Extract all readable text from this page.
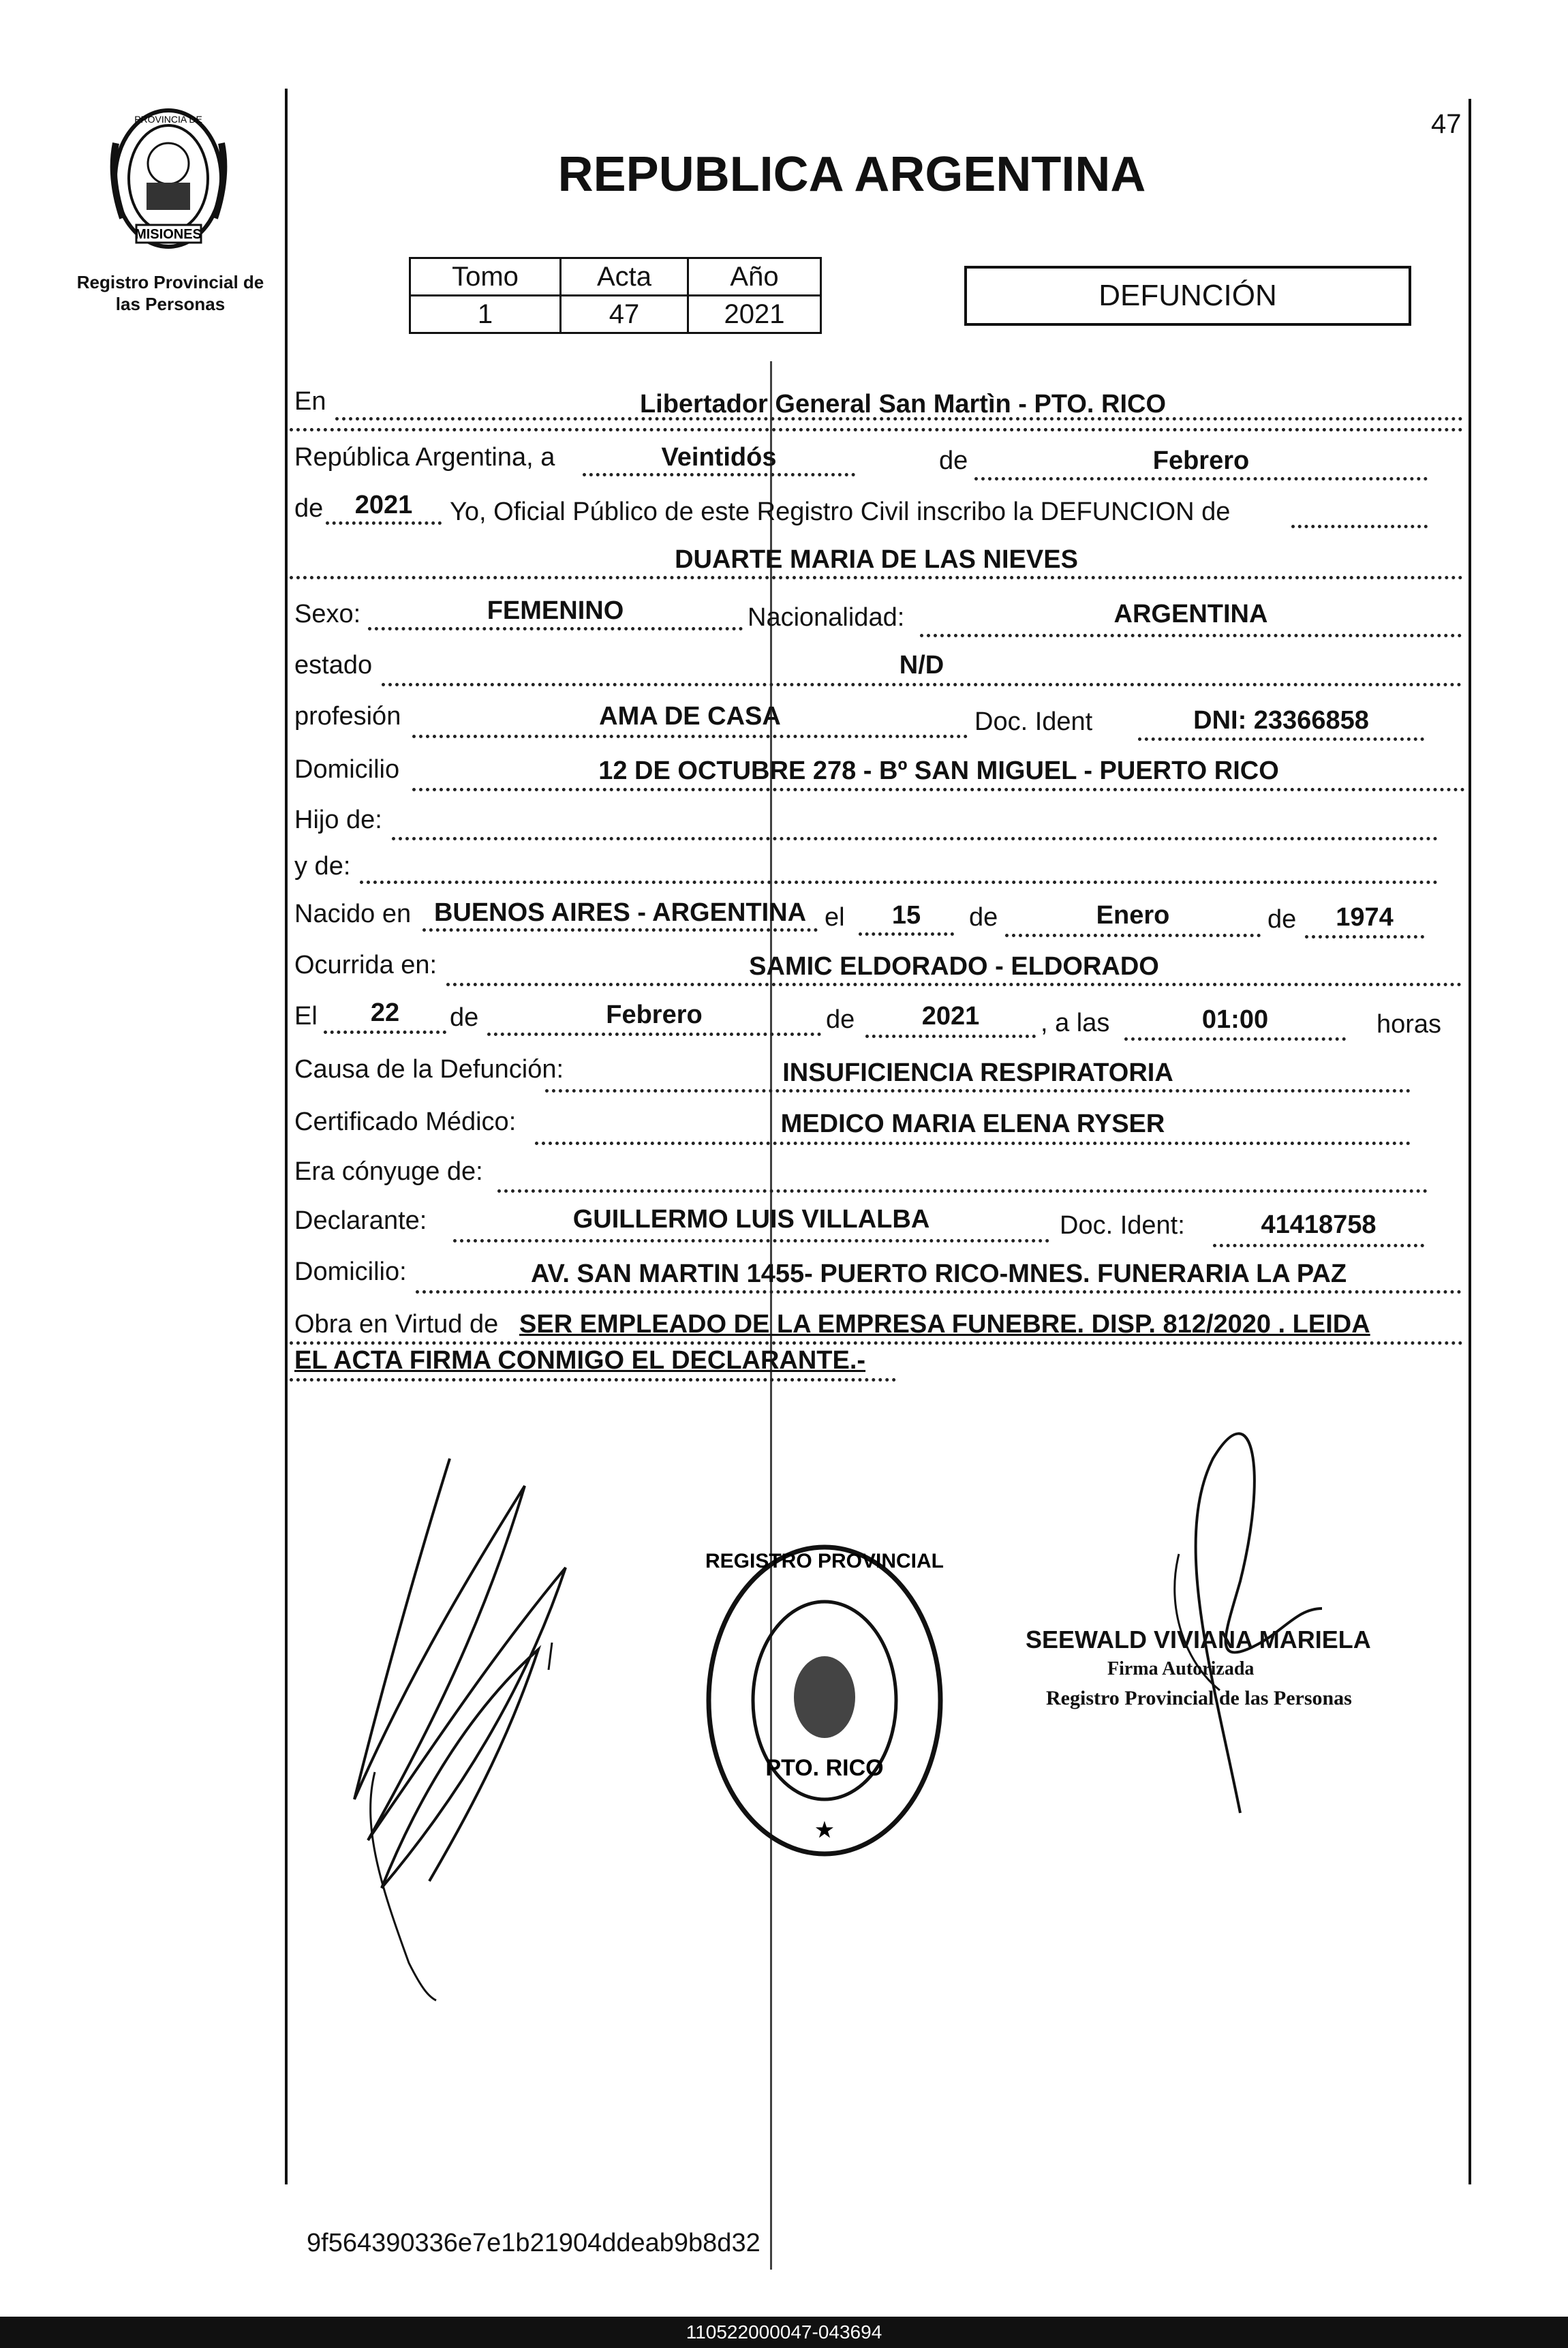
47
MISIONES
PROVINCIA DE
Registro Provincial de las Personas
REPUBLICA ARGENTINA
Tomo	Acta	Año
1	47	2021
DEFUNCIÓN
En	Libertador General San Martìn - PTO. RICO
República Argentina, a	Veintidós	de	Febrero
de	2021	Yo, Oficial Público de este Registro Civil inscribo la DEFUNCION de
DUARTE MARIA DE LAS NIEVES
Sexo:	FEMENINO	Nacionalidad:	ARGENTINA
estado	N/D
profesión	AMA DE CASA	Doc. Ident	DNI: 23366858
Domicilio	12 DE OCTUBRE 278 - Bº SAN MIGUEL - PUERTO RICO
Hijo de:
y de:
Nacido en BUENOS AIRES - ARGENTINA el	15	de	Enero	de	1974
Ocurrida en:	SAMIC ELDORADO - ELDORADO
El	22	de	Febrero	de	2021	, a las	01:00	horas
Causa de la Defunción:	INSUFICIENCIA RESPIRATORIA
Certificado Médico:	MEDICO MARIA ELENA RYSER
Era cónyuge de:
Declarante:	GUILLERMO LUIS VILLALBA	Doc. Ident:	41418758
Domicilio:	AV. SAN MARTIN 1455- PUERTO RICO-MNES. FUNERARIA LA PAZ
Obra en Virtud de SER EMPLEADO DE LA EMPRESA FUNEBRE. DISP. 812/2020 . LEIDA
EL ACTA FIRMA CONMIGO EL DECLARANTE.-
REGISTRO PROVINCIAL
★
PTO. RICO
SEEWALD VIVIANA MARIELA
Firma Autorizada
Registro Provincial de las Personas
9f564390336e7e1b21904ddeab9b8d32
110522000047-043694
